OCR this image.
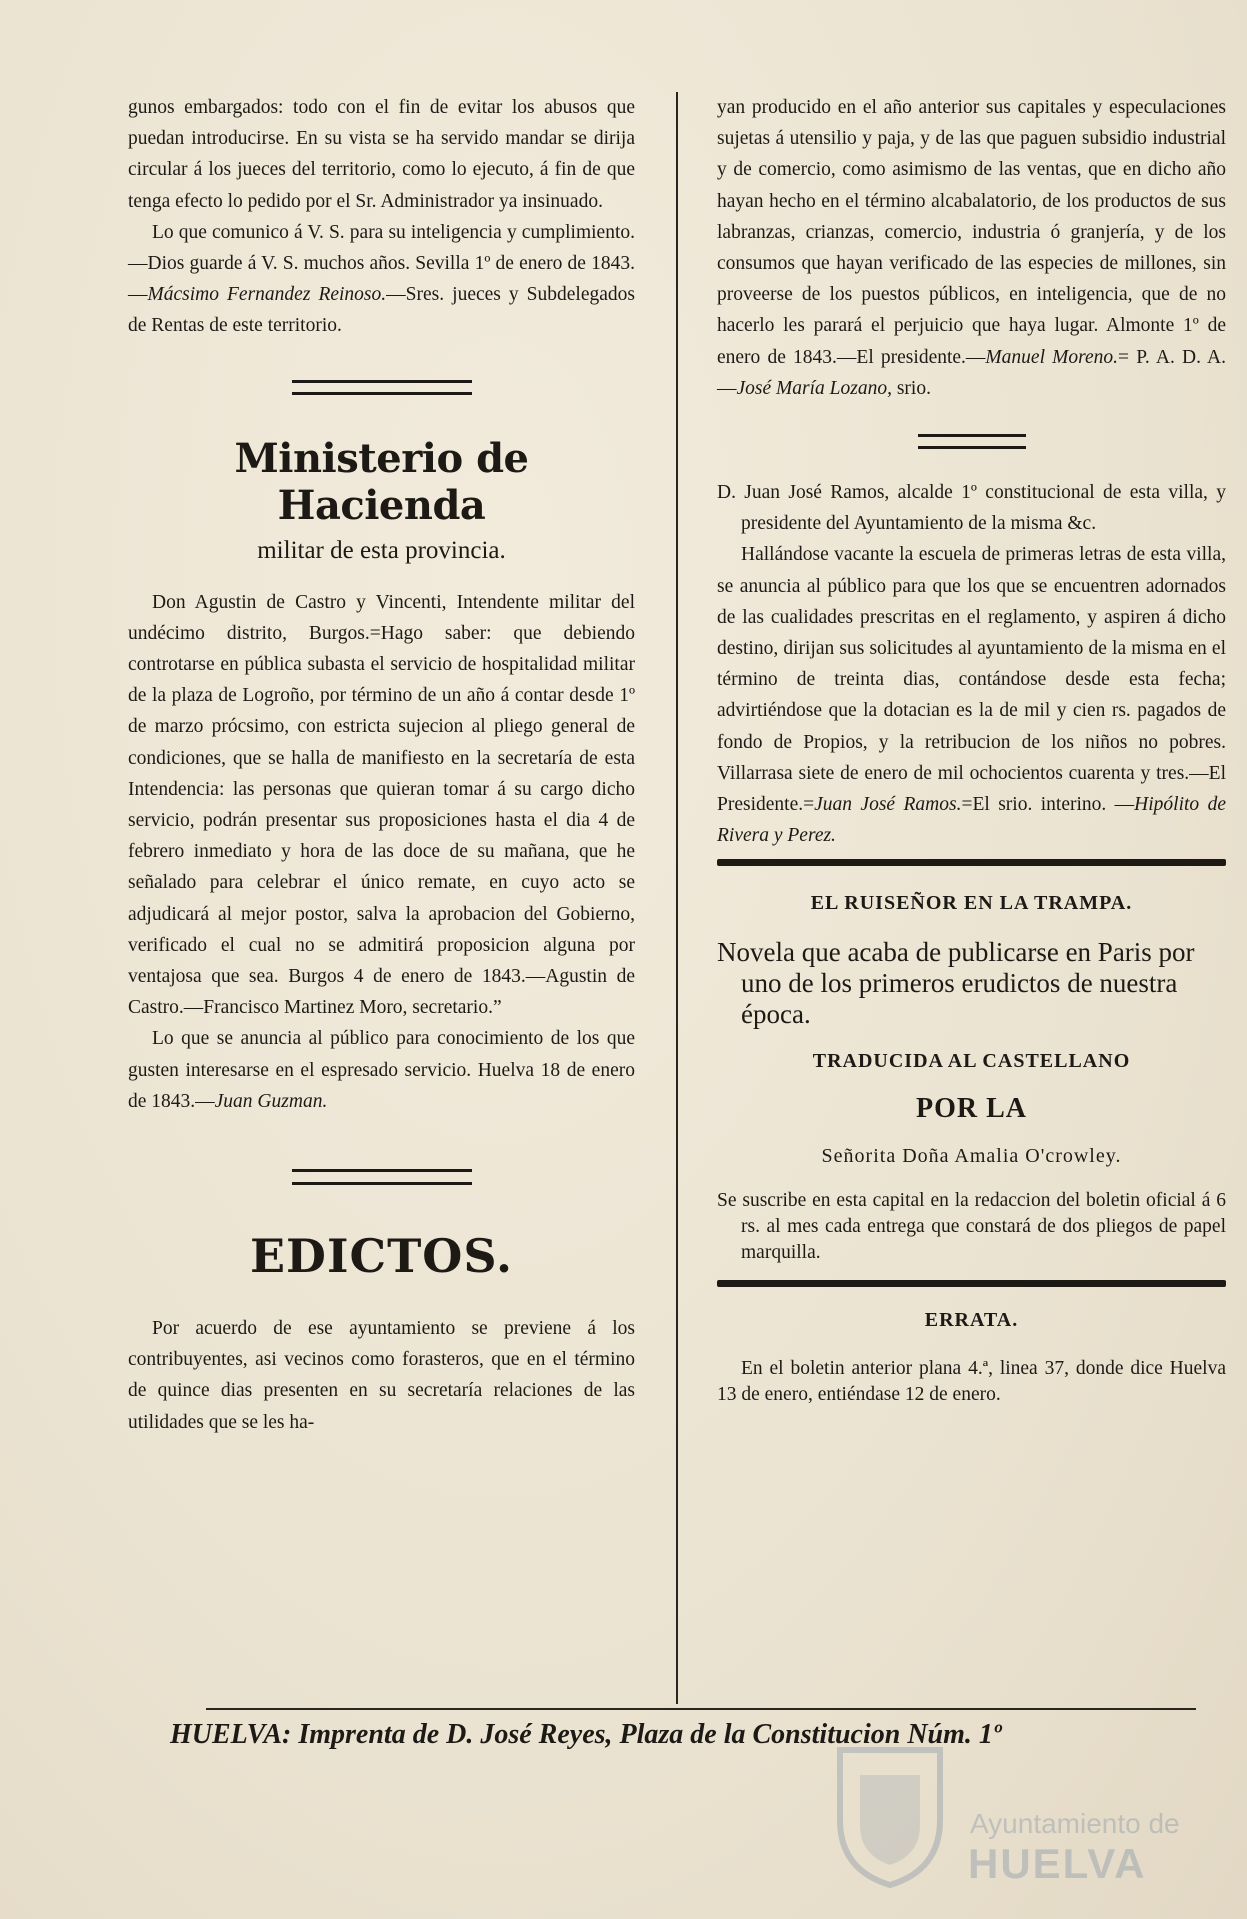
gunos embargados: todo con el fin de evitar los abusos que puedan introducirse. En su vista se ha servido mandar se dirija circular á los jueces del territorio, como lo ejecuto, á fin de que tenga efecto lo pedido por el Sr. Administrador ya insinuado.

Lo que comunico á V. S. para su inteligencia y cumplimiento.—Dios guarde á V. S. muchos años. Sevilla 1º de enero de 1843.—Mácsimo Fernandez Reinoso.—Sres. jueces y Subdelegados de Rentas de este territorio.

Ministerio de Hacienda

militar de esta provincia.

Don Agustin de Castro y Vincenti, Intendente militar del undécimo distrito, Burgos.=Hago saber: que debiendo controtarse en pública subasta el servicio de hospitalidad militar de la plaza de Logroño, por término de un año á contar desde 1º de marzo prócsimo, con estricta sujecion al pliego general de condiciones, que se halla de manifiesto en la secretaría de esta Intendencia: las personas que quieran tomar á su cargo dicho servicio, podrán presentar sus proposiciones hasta el dia 4 de febrero inmediato y hora de las doce de su mañana, que he señalado para celebrar el único remate, en cuyo acto se adjudicará al mejor postor, salva la aprobacion del Gobierno, verificado el cual no se admitirá proposicion alguna por ventajosa que sea. Burgos 4 de enero de 1843.—Agustin de Castro.—Francisco Martinez Moro, secretario.”

Lo que se anuncia al público para conocimiento de los que gusten interesarse en el espresado servicio. Huelva 18 de enero de 1843.—Juan Guzman.

EDICTOS.

Por acuerdo de ese ayuntamiento se previene á los contribuyentes, asi vecinos como forasteros, que en el término de quince dias presenten en su secretaría relaciones de las utilidades que se les ha-

yan producido en el año anterior sus capitales y especulaciones sujetas á utensilio y paja, y de las que paguen subsidio industrial y de comercio, como asimismo de las ventas, que en dicho año hayan hecho en el término alcabalatorio, de los productos de sus labranzas, crianzas, comercio, industria ó granjería, y de los consumos que hayan verificado de las especies de millones, sin proveerse de los puestos públicos, en inteligencia, que de no hacerlo les parará el perjuicio que haya lugar. Almonte 1º de enero de 1843.—El presidente.—Manuel Moreno.= P. A. D. A.—José María Lozano, srio.

D. Juan José Ramos, alcalde 1º constitucional de esta villa, y presidente del Ayuntamiento de la misma &c.

Hallándose vacante la escuela de primeras letras de esta villa, se anuncia al público para que los que se encuentren adornados de las cualidades prescritas en el reglamento, y aspiren á dicho destino, dirijan sus solicitudes al ayuntamiento de la misma en el término de treinta dias, contándose desde esta fecha; advirtiéndose que la dotacian es la de mil y cien rs. pagados de fondo de Propios, y la retribucion de los niños no pobres. Villarrasa siete de enero de mil ochocientos cuarenta y tres.—El Presidente.=Juan José Ramos.=El srio. interino. —Hipólito de Rivera y Perez.

EL RUISEÑOR EN LA TRAMPA.

Novela que acaba de publicarse en Paris por uno de los primeros erudictos de nuestra época.

TRADUCIDA AL CASTELLANO

POR LA

Señorita Doña Amalia O'crowley.

Se suscribe en esta capital en la redaccion del boletin oficial á 6 rs. al mes cada entrega que constará de dos pliegos de papel marquilla.

ERRATA.

En el boletin anterior plana 4.ª, linea 37, donde dice Huelva 13 de enero, entiéndase 12 de enero.

HUELVA: Imprenta de D. José Reyes, Plaza de la Constitucion Núm. 1º
Ayuntamiento de
HUELVA
